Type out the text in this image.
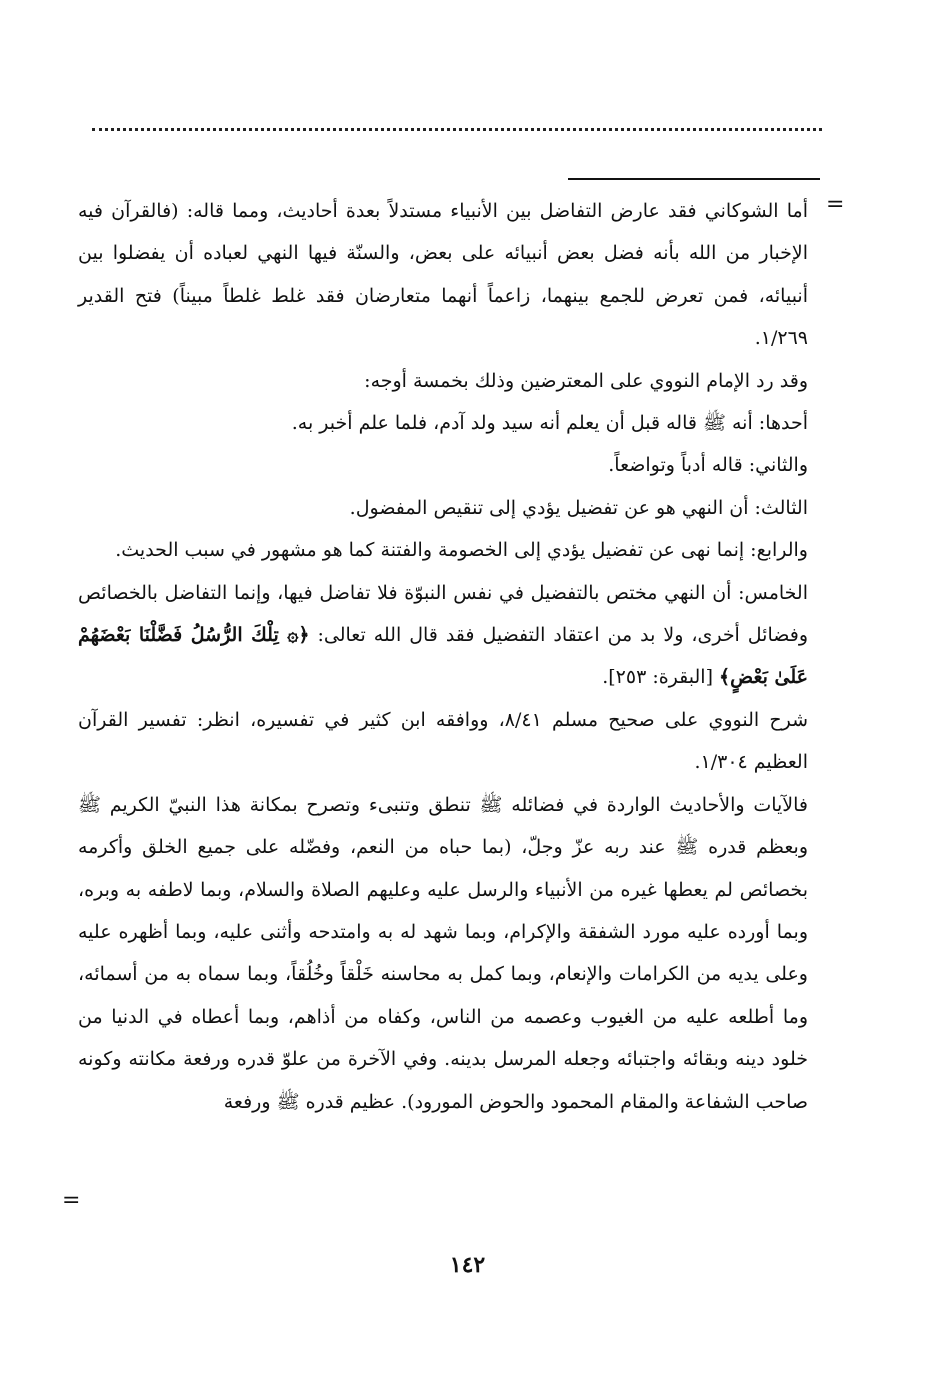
=

أما الشوكاني فقد عارض التفاضل بين الأنبياء مستدلاً بعدة أحاديث، ومما قاله: (فالقرآن فيه الإخبار من الله بأنه فضل بعض أنبيائه على بعض، والسنّة فيها النهي لعباده أن يفضلوا بين أنبيائه، فمن تعرض للجمع بينهما، زاعماً أنهما متعارضان فقد غلط غلطاً مبيناً) فتح القدير ١/٢٦٩.

وقد رد الإمام النووي على المعترضين وذلك بخمسة أوجه:

أحدها: أنه ﷺ قاله قبل أن يعلم أنه سيد ولد آدم، فلما علم أخبر به.

والثاني: قاله أدباً وتواضعاً.

الثالث: أن النهي هو عن تفضيل يؤدي إلى تنقيص المفضول.

والرابع: إنما نهى عن تفضيل يؤدي إلى الخصومة والفتنة كما هو مشهور في سبب الحديث.

الخامس: أن النهي مختص بالتفضيل في نفس النبوّة فلا تفاضل فيها، وإنما التفاضل بالخصائص وفضائل أخرى، ولا بد من اعتقاد التفضيل فقد قال الله تعالى: ﴿۞ تِلْكَ الرُّسُلُ فَضَّلْنَا بَعْضَهُمْ عَلَىٰ بَعْضٍ﴾ [البقرة: ٢٥٣].

شرح النووي على صحيح مسلم ٨/٤١، ووافقه ابن كثير في تفسيره، انظر: تفسير القرآن العظيم ١/٣٠٤.

فالآيات والأحاديث الواردة في فضائله ﷺ تنطق وتنبىء وتصرح بمكانة هذا النبيّ الكريم ﷺ وبعظم قدره ﷺ عند ربه عزّ وجلّ، (بما حباه من النعم، وفضّله على جميع الخلق وأكرمه بخصائص لم يعطها غيره من الأنبياء والرسل عليه وعليهم الصلاة والسلام، وبما لاطفه به وبره، وبما أورده عليه مورد الشفقة والإكرام، وبما شهد له به وامتدحه وأثنى عليه، وبما أظهره عليه وعلى يديه من الكرامات والإنعام، وبما كمل به محاسنه خَلْقاً وخُلُقاً، وبما سماه به من أسمائه، وما أطلعه عليه من الغيوب وعصمه من الناس، وكفاه من أذاهم، وبما أعطاه في الدنيا من خلود دينه وبقائه واجتبائه وجعله المرسل بدينه. وفي الآخرة من علوّ قدره ورفعة مكانته وكونه صاحب الشفاعة والمقام المحمود والحوض المورود). عظيم قدره ﷺ ورفعة

=
١٤٢
